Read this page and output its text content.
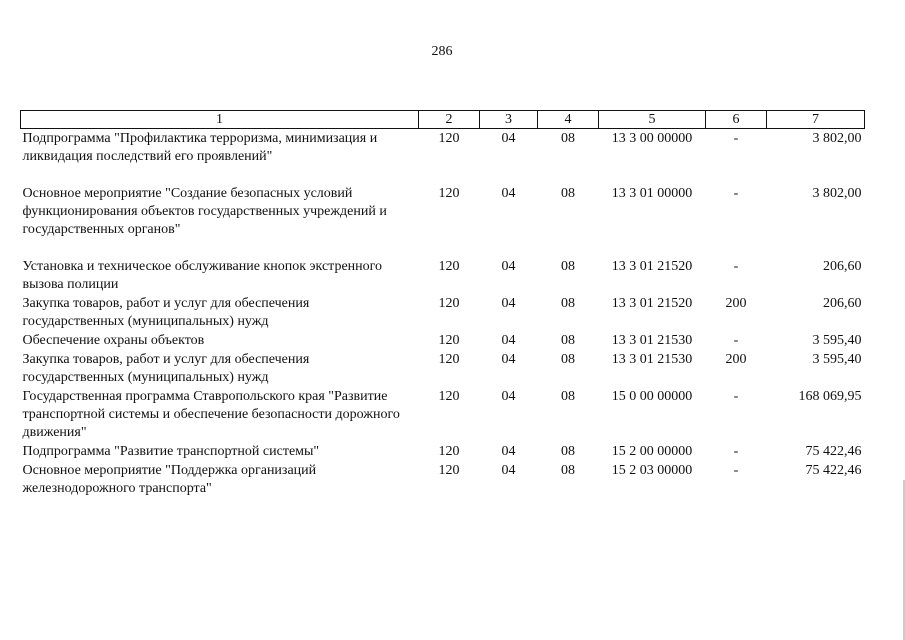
286
1	2	3	4	5	6	7
Подпрограмма "Профилактика терроризма, минимизация и ликвидация последствий его проявлений"	120	04	08	13 3 00 00000	-	3 802,00
Основное мероприятие "Создание безопасных условий функционирования объектов государственных учреждений и государственных органов"	120	04	08	13 3 01 00000	-	3 802,00
Установка и техническое обслуживание кнопок экстренного вызова полиции	120	04	08	13 3 01 21520	-	206,60
Закупка товаров, работ и услуг для обеспечения государственных (муниципальных) нужд	120	04	08	13 3 01 21520	200	206,60
Обеспечение охраны объектов	120	04	08	13 3 01 21530	-	3 595,40
Закупка товаров, работ и услуг для обеспечения государственных (муниципальных) нужд	120	04	08	13 3 01 21530	200	3 595,40
Государственная программа Ставропольского края "Развитие транспортной системы и обеспечение безопасности дорожного движения"	120	04	08	15 0 00 00000	-	168 069,95
Подпрограмма "Развитие транспортной системы"	120	04	08	15 2 00 00000	-	75 422,46
Основное мероприятие "Поддержка организаций железнодорожного транспорта"	120	04	08	15 2 03 00000	-	75 422,46
